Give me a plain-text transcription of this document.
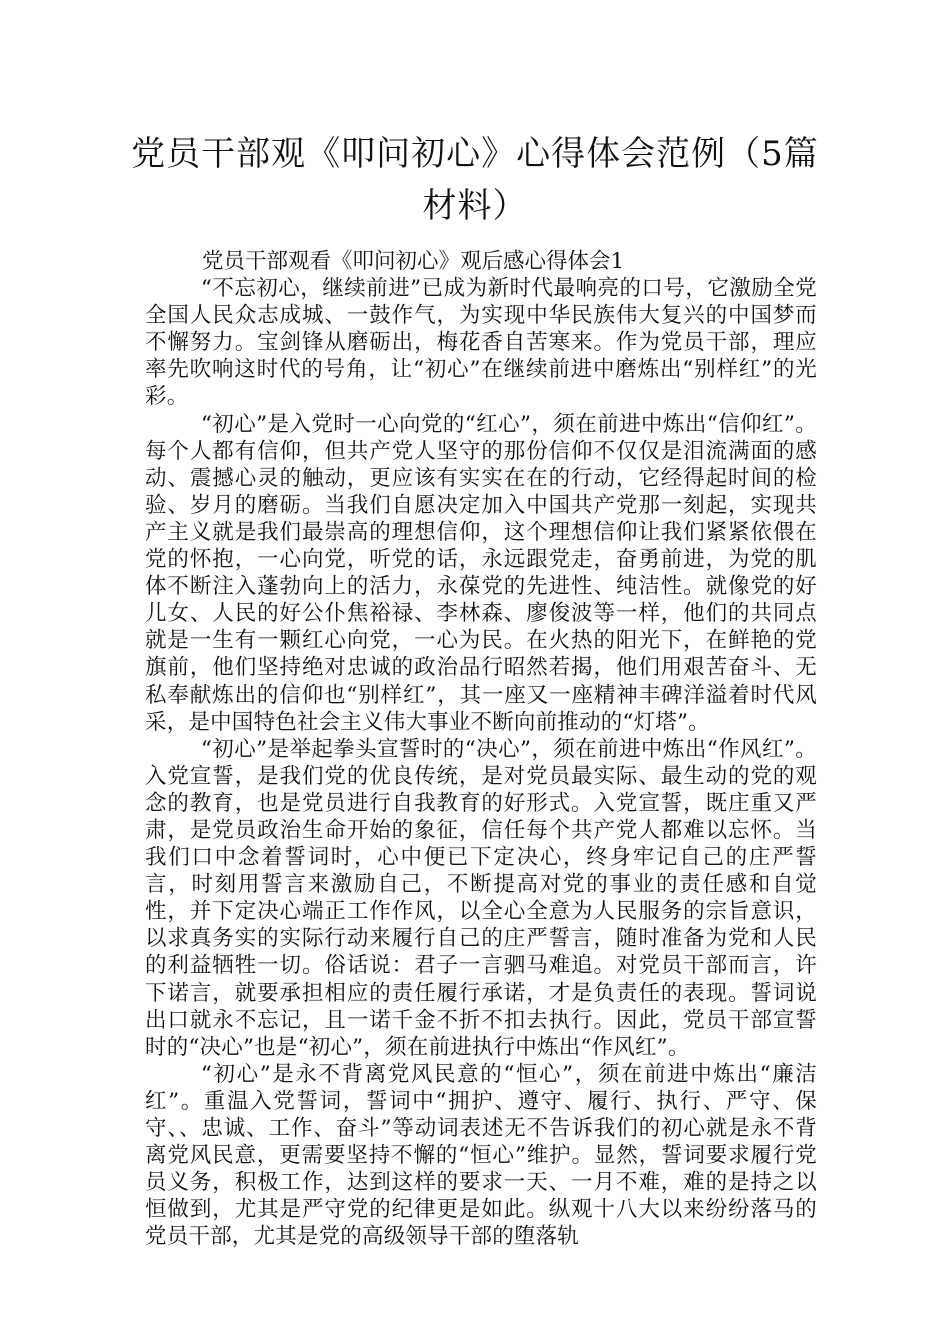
党员干部观《叩问初心》心得体会范例（5篇材料）

党员干部观看《叩问初心》观后感心得体会1

“不忘初心，继续前进”已成为新时代最响亮的口号，它激励全党全国人民众志成城、一鼓作气，为实现中华民族伟大复兴的中国梦而不懈努力。宝剑锋从磨砺出，梅花香自苦寒来。作为党员干部，理应率先吹响这时代的号角，让“初心”在继续前进中磨炼出“别样红”的光彩。

“初心”是入党时一心向党的“红心”，须在前进中炼出“信仰红”。每个人都有信仰，但共产党人坚守的那份信仰不仅仅是泪流满面的感动、震撼心灵的触动，更应该有实实在在的行动，它经得起时间的检验、岁月的磨砺。当我们自愿决定加入中国共产党那一刻起，实现共产主义就是我们最崇高的理想信仰，这个理想信仰让我们紧紧依偎在党的怀抱，一心向党，听党的话，永远跟党走，奋勇前进，为党的肌体不断注入蓬勃向上的活力，永葆党的先进性、纯洁性。就像党的好儿女、人民的好公仆焦裕禄、李林森、廖俊波等一样，他们的共同点就是一生有一颗红心向党，一心为民。在火热的阳光下，在鲜艳的党旗前，他们坚持绝对忠诚的政治品行昭然若揭，他们用艰苦奋斗、无私奉献炼出的信仰也“别样红”，其一座又一座精神丰碑洋溢着时代风采，是中国特色社会主义伟大事业不断向前推动的“灯塔”。

“初心”是举起拳头宣誓时的“决心”，须在前进中炼出“作风红”。入党宣誓，是我们党的优良传统，是对党员最实际、最生动的党的观念的教育，也是党员进行自我教育的好形式。入党宣誓，既庄重又严肃，是党员政治生命开始的象征，信任每个共产党人都难以忘怀。当我们口中念着誓词时，心中便已下定决心，终身牢记自己的庄严誓言，时刻用誓言来激励自己，不断提高对党的事业的责任感和自觉性，并下定决心端正工作作风，以全心全意为人民服务的宗旨意识，以求真务实的实际行动来履行自己的庄严誓言，随时准备为党和人民的利益牺牲一切。俗话说：君子一言驷马难追。对党员干部而言，许下诺言，就要承担相应的责任履行承诺，才是负责任的表现。誓词说出口就永不忘记，且一诺千金不折不扣去执行。因此，党员干部宣誓时的“决心”也是“初心”，须在前进执行中炼出“作风红”。

“初心”是永不背离党风民意的“恒心”，须在前进中炼出“廉洁红”。重温入党誓词，誓词中“拥护、遵守、履行、执行、严守、保守、、忠诚、工作、奋斗”等动词表述无不告诉我们的初心就是永不背离党风民意，更需要坚持不懈的“恒心”维护。显然，誓词要求履行党员义务，积极工作，达到这样的要求一天、一月不难，难的是持之以恒做到，尤其是严守党的纪律更是如此。纵观十八大以来纷纷落马的党员干部，尤其是党的高级领导干部的堕落轨
